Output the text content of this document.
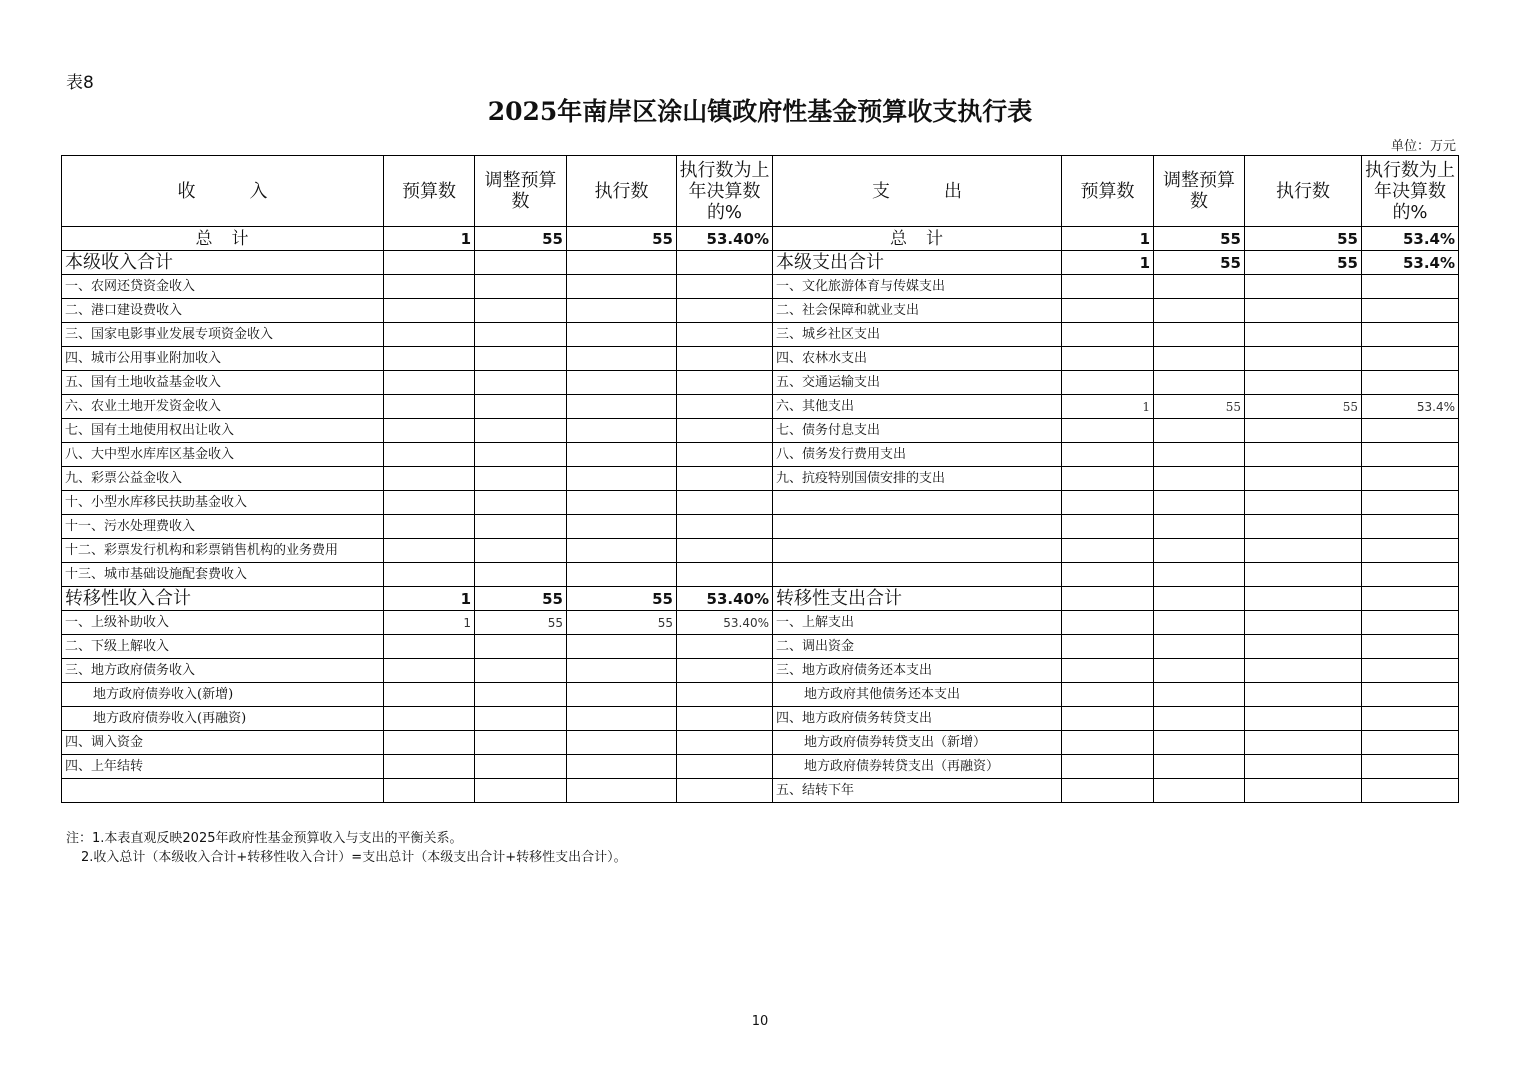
表8
2025年南岸区涂山镇政府性基金预算收支执行表
单位：万元
收　　　入	预算数	调整预算数	执行数	执行数为上年决算数的%	支　　　出	预算数	调整预算数	执行数	执行数为上年决算数的%
总　计	1	55	55	53.40%	总　计	1	55	55	53.4%
本级收入合计					本级支出合计	1	55	55	53.4%
一、农网还贷资金收入					一、文化旅游体育与传媒支出				
二、港口建设费收入					二、社会保障和就业支出				
三、国家电影事业发展专项资金收入					三、城乡社区支出				
四、城市公用事业附加收入					四、农林水支出				
五、国有土地收益基金收入					五、交通运输支出				
六、农业土地开发资金收入					六、其他支出	1	55	55	53.4%
七、国有土地使用权出让收入					七、债务付息支出				
八、大中型水库库区基金收入					八、债务发行费用支出				
九、彩票公益金收入					九、抗疫特别国债安排的支出				
十、小型水库移民扶助基金收入									
十一、污水处理费收入									
十二、彩票发行机构和彩票销售机构的业务费用									
十三、城市基础设施配套费收入									
转移性收入合计	1	55	55	53.40%	转移性支出合计				
一、上级补助收入	1	55	55	53.40%	一、上解支出				
二、下级上解收入					二、调出资金				
三、地方政府债务收入					三、地方政府债务还本支出				
地方政府债券收入(新增)					地方政府其他债务还本支出				
地方政府债券收入(再融资)					四、地方政府债务转贷支出				
四、调入资金					地方政府债券转贷支出（新增）				
四、上年结转					地方政府债券转贷支出（再融资）				
					五、结转下年				
注：1.本表直观反映2025年政府性基金预算收入与支出的平衡关系。
2.收入总计（本级收入合计+转移性收入合计）=支出总计（本级支出合计+转移性支出合计）。
10
